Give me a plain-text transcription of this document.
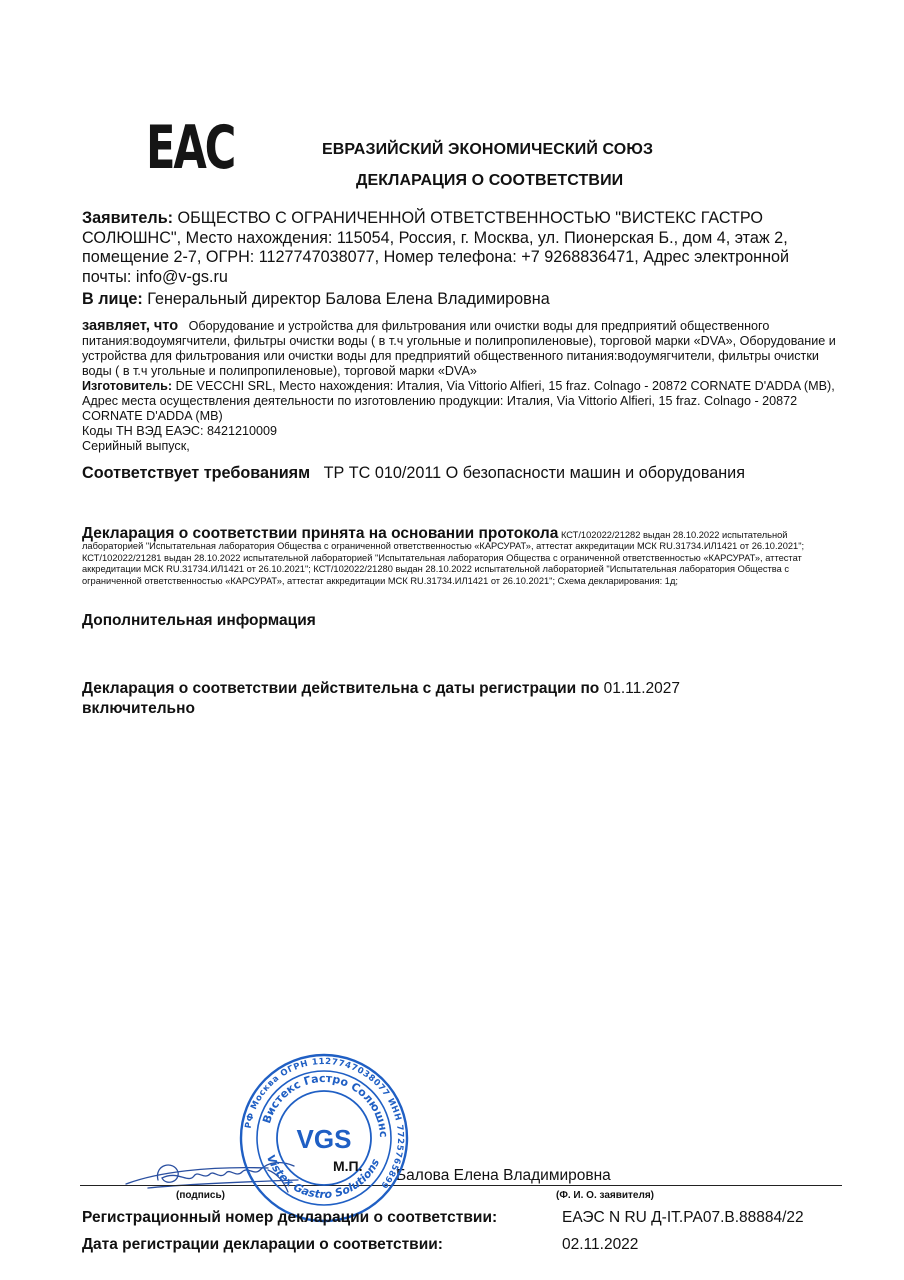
ЕАС	ЕВРАЗИЙСКИЙ ЭКОНОМИЧЕСКИЙ СОЮЗ
ДЕКЛАРАЦИЯ О СООТВЕТСТВИИ
Заявитель: ОБЩЕСТВО С ОГРАНИЧЕННОЙ ОТВЕТСТВЕННОСТЬЮ "ВИСТЕКС ГАСТРО СОЛЮШНС", Место нахождения: 115054, Россия, г. Москва, ул. Пионерская Б., дом 4, этаж 2, помещение 2-7, ОГРН: 1127747038077, Номер телефона: +7 9268836471, Адрес электронной почты: info@v-gs.ru
В лице: Генеральный директор Балова Елена Владимировна
заявляет, что Оборудование и устройства для фильтрования или очистки воды для предприятий общественного питания:водоумягчители, фильтры очистки воды ( в т.ч угольные и полипропиленовые), торговой марки «DVA», Оборудование и устройства для фильтрования или очистки воды для предприятий общественного питания:водоумягчители, фильтры очистки воды ( в т.ч угольные и полипропиленовые), торговой марки «DVA»
Изготовитель: DE VECCHI SRL, Место нахождения: Италия, Via Vittorio Alfieri, 15 fraz. Colnago - 20872 CORNATE D'ADDA (MB), Адрес места осуществления деятельности по изготовлению продукции: Италия, Via Vittorio Alfieri, 15 fraz. Colnago - 20872 CORNATE D'ADDA (MB)
Коды ТН ВЭД ЕАЭС: 8421210009
Серийный выпуск,
Соответствует требованиям ТР ТС 010/2011 О безопасности машин и оборудования
Декларация о соответствии принята на основании протокола КСТ/102022/21282 выдан 28.10.2022 испытательной лабораторией "Испытательная лаборатория Общества с ограниченной ответственностью «КАРСУРАТ», аттестат аккредитации МСК RU.31734.ИЛ1421 от 26.10.2021"; КСТ/102022/21281 выдан 28.10.2022 испытательной лабораторией "Испытательная лаборатория Общества с ограниченной ответственностью «КАРСУРАТ», аттестат аккредитации МСК RU.31734.ИЛ1421 от 26.10.2021"; КСТ/102022/21280 выдан 28.10.2022 испытательной лабораторией "Испытательная лаборатория Общества с ограниченной ответственностью «КАРСУРАТ», аттестат аккредитации МСК RU.31734.ИЛ1421 от 26.10.2021"; Схема декларирования: 1д;
Дополнительная информация
Декларация о соответствии действительна с даты регистрации по 01.11.2027
включительно
Балова Елена Владимировна
(подпись)	(Ф. И. О. заявителя)
РФ Москва ОГРН 1127747038077 ИНН 7725765899
Вистекс Гастро Солюшнс
Vistex Gastro Solutions
VGS
М.П.
Регистрационный номер декларации о соответствии:	ЕАЭС N RU Д-IT.РА07.В.88884/22
Дата регистрации декларации о соответствии:	02.11.2022
